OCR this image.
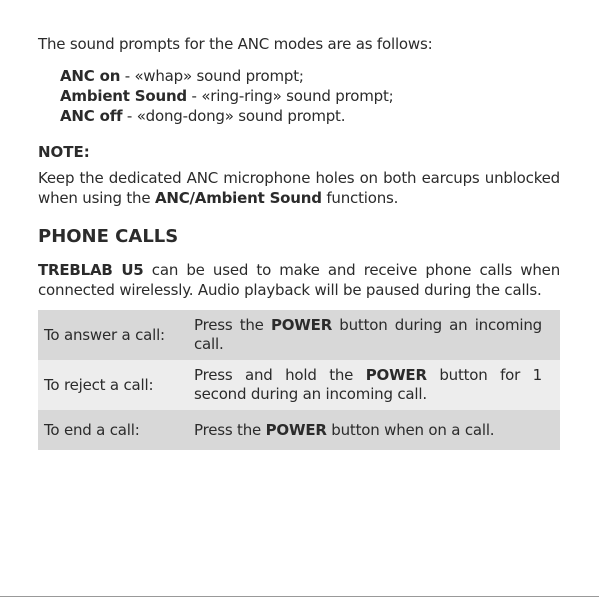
The sound prompts for the ANC modes are as follows:

ANC on - «whap» sound prompt;
Ambient Sound - «ring-ring» sound prompt;
ANC off - «dong-dong» sound prompt.
NOTE:

Keep the dedicated ANC microphone holes on both earcups unblocked when using the ANC/Ambient Sound functions.

PHONE CALLS

TREBLAB U5 can be used to make and receive phone calls when connected wirelessly. Audio playback will be paused during the calls.

To answer a call:	Press the POWER button during an incoming call.
To reject a call:	Press and hold the POWER button for 1 second during an incoming call.
To end a call:	Press the POWER button when on a call.
